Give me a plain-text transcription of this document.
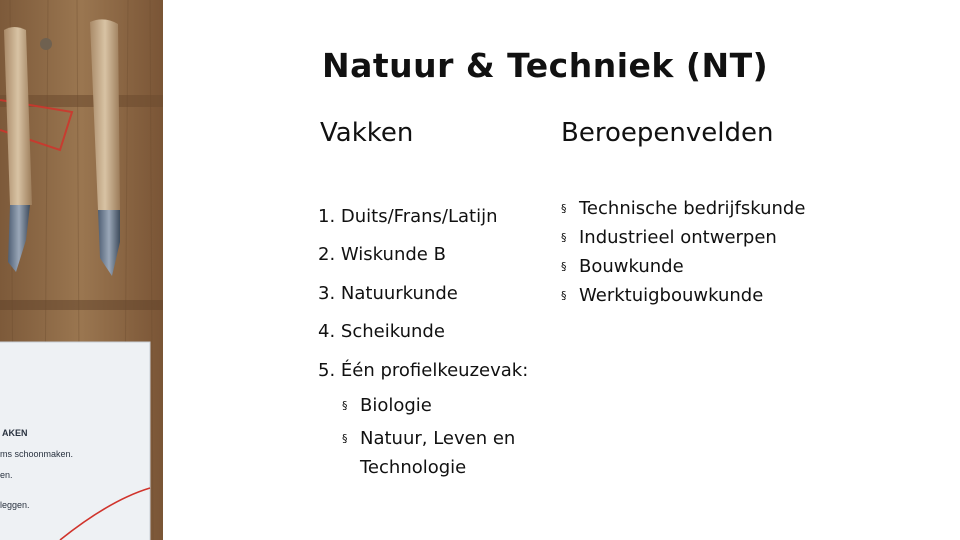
AKEN
ms schoonmaken.
en.
leggen.
Natuur & Techniek (NT)
Vakken	Beroepenvelden

1. Duits/Frans/Latijn

2. Wiskunde B

3. Natuurkunde

4. Scheikunde

5. Één profielkeuzevak:

§ Biologie

§ Natuur, Leven en
Technologie

§ Technische bedrijfskunde
§ Industrieel ontwerpen
§ Bouwkunde
§ Werktuigbouwkunde
